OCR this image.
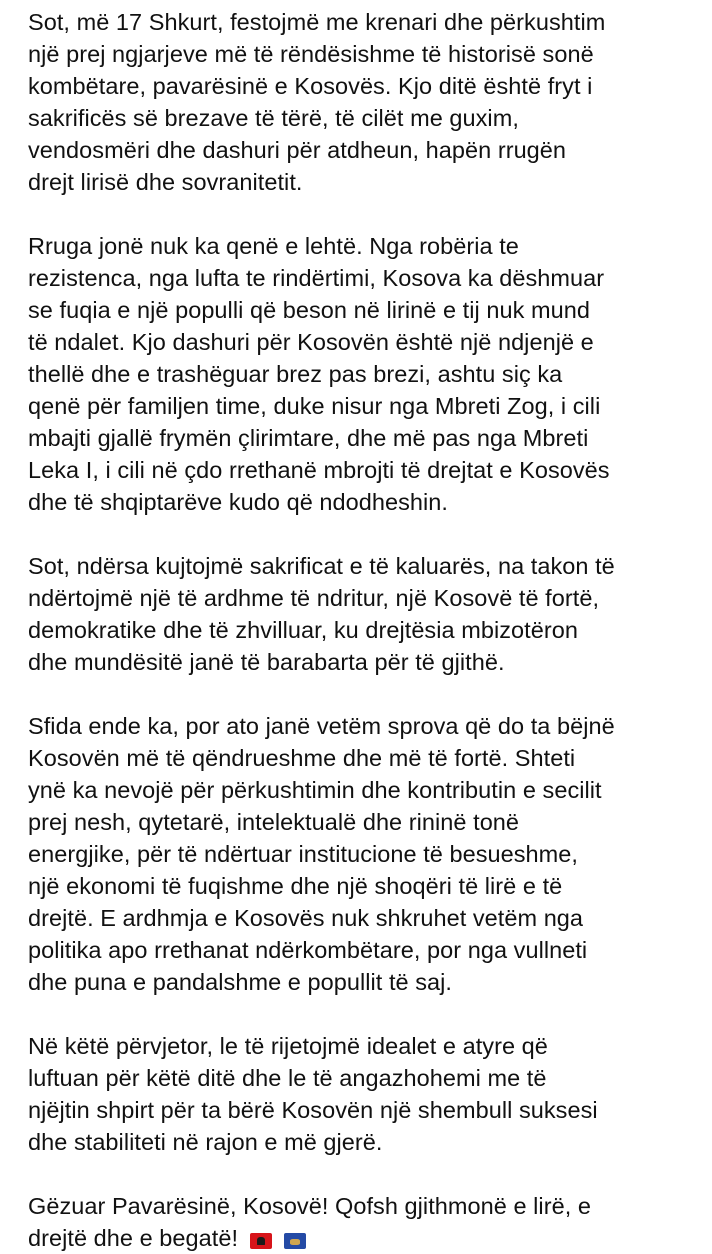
Sot, më 17 Shkurt, festojmë me krenari dhe përkushtim
një prej ngjarjeve më të rëndësishme të historisë sonë
kombëtare, pavarësinë e Kosovës. Kjo ditë është fryt i
sakrificës së brezave të tërë, të cilët me guxim,
vendosmëri dhe dashuri për atdheun, hapën rrugën
drejt lirisë dhe sovranitetit.
Rruga jonë nuk ka qenë e lehtë. Nga robëria te
rezistenca, nga lufta te rindërtimi, Kosova ka dëshmuar
se fuqia e një populli që beson në lirinë e tij nuk mund
të ndalet. Kjo dashuri për Kosovën është një ndjenjë e
thellë dhe e trashëguar brez pas brezi, ashtu siç ka
qenë për familjen time, duke nisur nga Mbreti Zog, i cili
mbajti gjallë frymën çlirimtare, dhe më pas nga Mbreti
Leka I, i cili në çdo rrethanë mbrojti të drejtat e Kosovës
dhe të shqiptarëve kudo që ndodheshin.
Sot, ndërsa kujtojmë sakrificat e të kaluarës, na takon të
ndërtojmë një të ardhme të ndritur, një Kosovë të fortë,
demokratike dhe të zhvilluar, ku drejtësia mbizotëron
dhe mundësitë janë të barabarta për të gjithë.
Sfida ende ka, por ato janë vetëm sprova që do ta bëjnë
Kosovën më të qëndrueshme dhe më të fortë. Shteti
ynë ka nevojë për përkushtimin dhe kontributin e secilit
prej nesh, qytetarë, intelektualë dhe rininë tonë
energjike, për të ndërtuar institucione të besueshme,
një ekonomi të fuqishme dhe një shoqëri të lirë e të
drejtë. E ardhmja e Kosovës nuk shkruhet vetëm nga
politika apo rrethanat ndërkombëtare, por nga vullneti
dhe puna e pandalshme e popullit të saj.
Në këtë përvjetor, le të rijetojmë idealet e atyre që
luftuan për këtë ditë dhe le të angazhohemi me të
njëjtin shpirt për ta bërë Kosovën një shembull suksesi
dhe stabiliteti në rajon e më gjerë.
Gëzuar Pavarësinë, Kosovë! Qofsh gjithmonë e lirë, e
drejtë dhe e begatë!
